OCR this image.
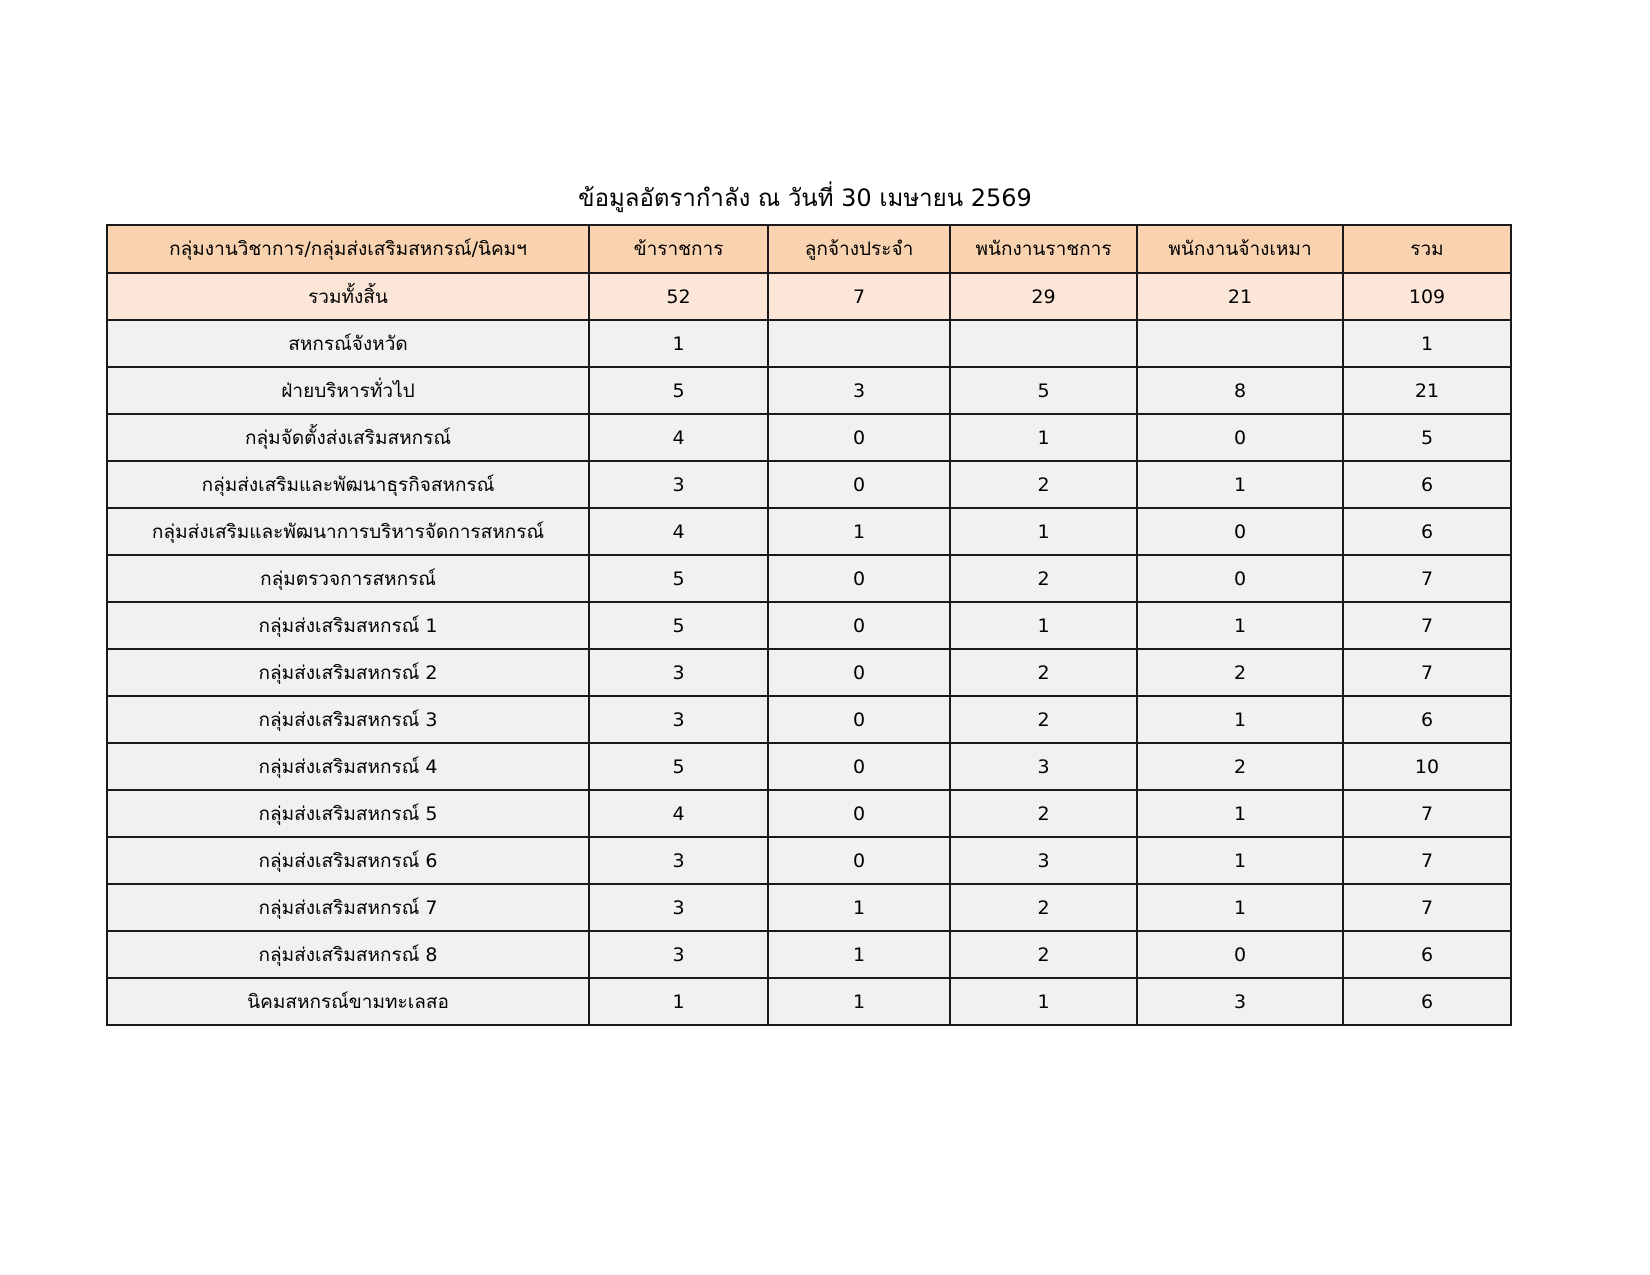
ข้อมูลอัตรากำลัง ณ วันที่ 30 เมษายน 2569
กลุ่มงานวิชาการ/กลุ่มส่งเสริมสหกรณ์/นิคมฯ	ข้าราชการ	ลูกจ้างประจำ	พนักงานราชการ	พนักงานจ้างเหมา	รวม
รวมทั้งสิ้น	52	7	29	21	109
สหกรณ์จังหวัด	1				1
ฝ่ายบริหารทั่วไป	5	3	5	8	21
กลุ่มจัดตั้งส่งเสริมสหกรณ์	4	0	1	0	5
กลุ่มส่งเสริมและพัฒนาธุรกิจสหกรณ์	3	0	2	1	6
กลุ่มส่งเสริมและพัฒนาการบริหารจัดการสหกรณ์	4	1	1	0	6
กลุ่มตรวจการสหกรณ์	5	0	2	0	7
กลุ่มส่งเสริมสหกรณ์ 1	5	0	1	1	7
กลุ่มส่งเสริมสหกรณ์ 2	3	0	2	2	7
กลุ่มส่งเสริมสหกรณ์ 3	3	0	2	1	6
กลุ่มส่งเสริมสหกรณ์ 4	5	0	3	2	10
กลุ่มส่งเสริมสหกรณ์ 5	4	0	2	1	7
กลุ่มส่งเสริมสหกรณ์ 6	3	0	3	1	7
กลุ่มส่งเสริมสหกรณ์ 7	3	1	2	1	7
กลุ่มส่งเสริมสหกรณ์ 8	3	1	2	0	6
นิคมสหกรณ์ขามทะเลสอ	1	1	1	3	6
